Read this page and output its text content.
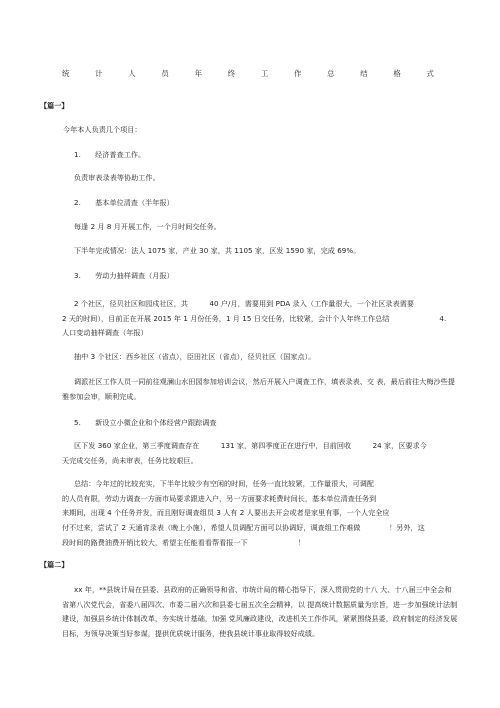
统	计	人	员	年	终	工	作	总	结	格	式
【篇一】
今年本人负责几个项目：
1.　　经济普查工作。
负责审表录表等协助工作。
2.　　基本单位清查（半年报）
每逢 2 月 8 月开展工作，一个月时间交任务。
下半年完成情况：法人 1075 家，产业 30 家，共 1105 家，区发 1590 家，完成 69%。
3.　　劳动力抽样调查（月报）
2 个社区，径贝社区和园戍社区，共　　　40 户/月，需要用到 PDA 录入（工作量很大，一个社区录表需要
2 天的时间），目前正在开展 2015 年 1 月份任务，1 月 15 日交任务，比较紧，会计个人年终工作总结　　　　　　　4.
人口变动抽样调查（年报）
抽中 3 个社区：西乡社区（省点），臣田社区（省点），径贝社区（国家点）。
调派社区工作人员一同前往观澜山水田园参加培训会议，然后开展入户调查工作，填表录表、交 表，最后前往大梅沙些提
雅参加会审，顺利完成。
5.　　新设立小微企业和个体经营户跟踪调查
区下发 360 家企业，第三季度调查存在　　　131 家，第四季度正在进行中，目前回收　　　24 家，区要求今
天完成交任务，尚未审表，任务比较艰巨。
总结：今年过的比较充实，下半年比较少有空闲的时间，任务一直比较紧，工作量很大，可调配
的人员有限，劳动力调查一方面市局要求跟进入户，另一方面要求耗费时间长，基本单位清查任务到
来期间，出现 4 个任务并发，而且刚好调查组员 3 人有 2 人要出去开会或者是家里有事，一个人完全应
付不过来，尝试了 2 天通宵录表（晚上小施），希望人员调配方面可以协调好，调查组工作难做　　　　！另外，这
段时间的路费油费开销比较大，希望主任能看看帮看报一下　　　　　　　！
【篇二】
xx 年，**县统计局在县委、县政府的正确领导和省、市统计局的精心指导下，深入贯彻党的十八 大、十八届三中全会和
省第八次党代会，省委八届四次、市委二届六次和县委七届五次全会精神，以 提高统计数据质量为宗旨，进一步加强统计法制
建设，加强县乡统计体制改革，夯实统计基础，加强 党风廉政建设，改进机关工作作风，紧紧围绕县委，政府制定的经济发展
目标，为领导决策当好参谋，提供优质统计服务，使我县统计事业取得较好成绩。
